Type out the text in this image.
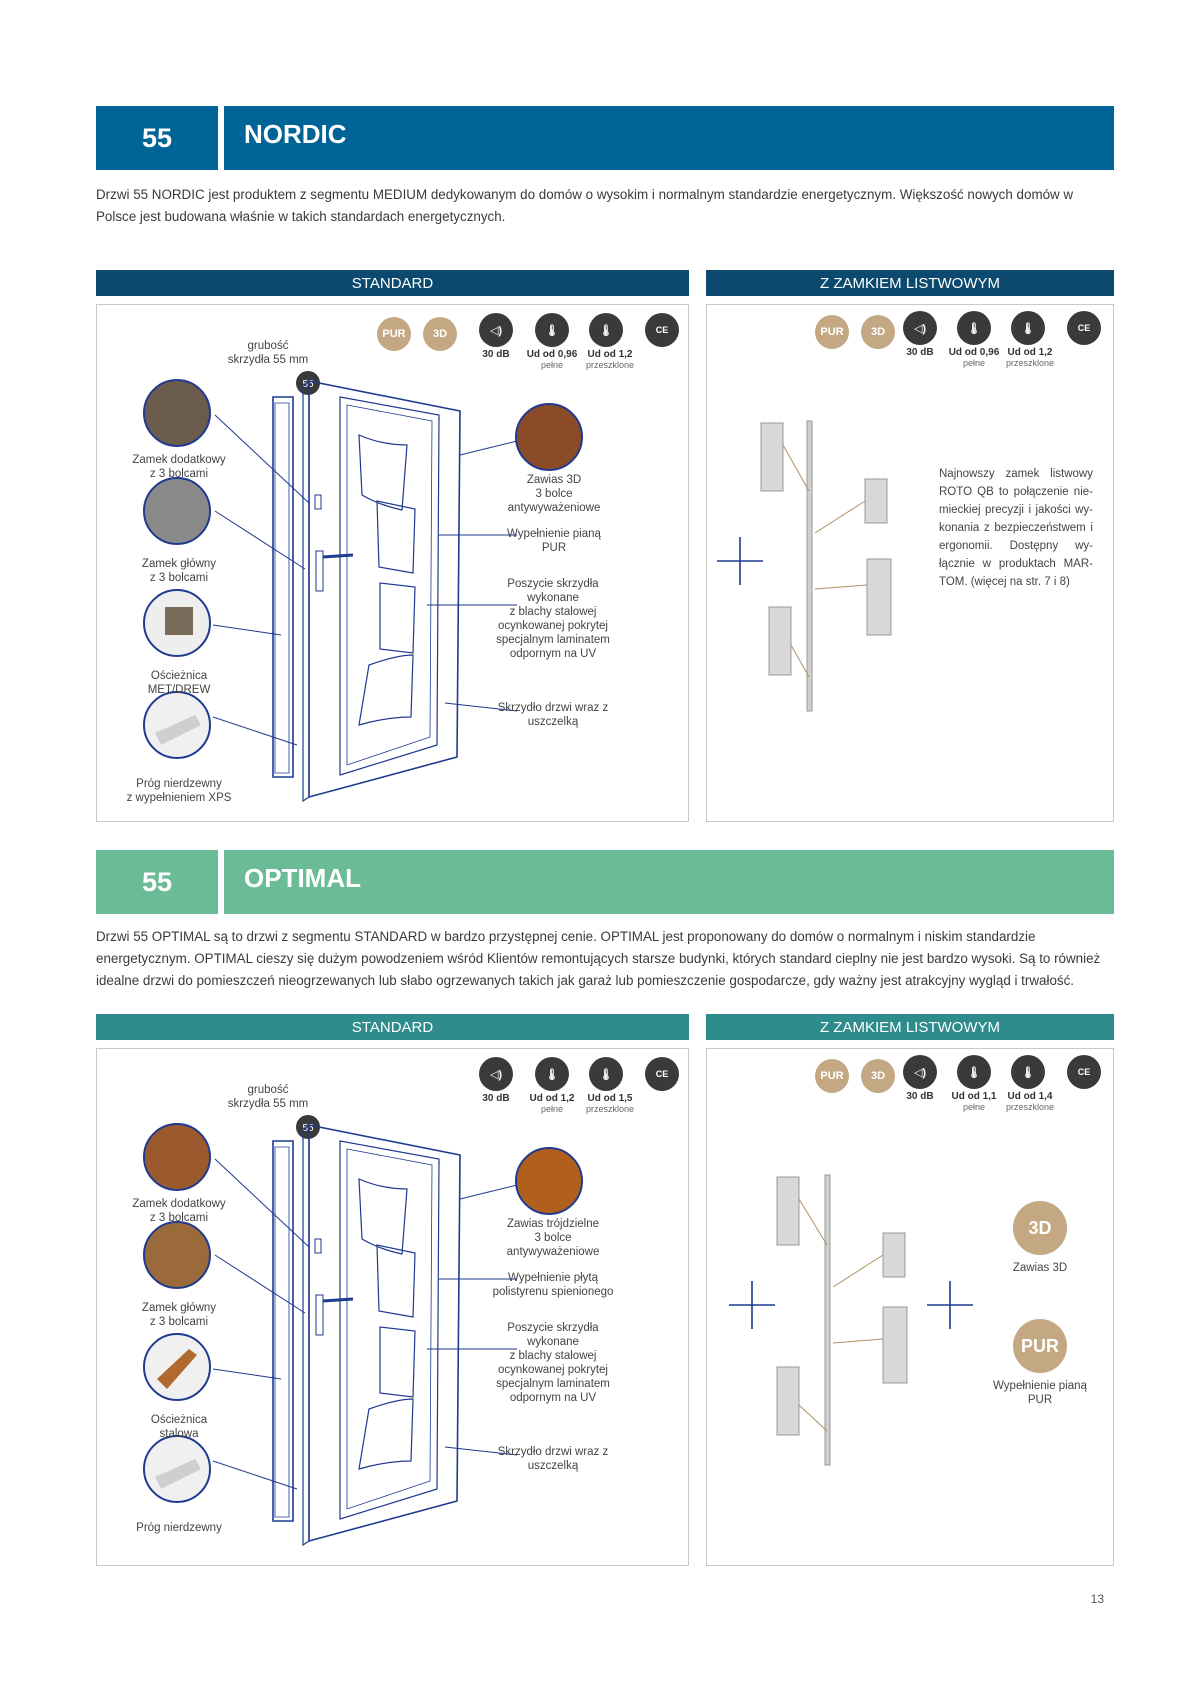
55	NORDIC
Drzwi 55 NORDIC jest produktem z segmentu MEDIUM dedykowanym do domów o wysokim i normalnym standardzie energetycznym. Większość nowych domów w Polsce jest budowana właśnie w takich standardach energetycznych.
STANDARD	Z ZAMKIEM LISTWOWYM
PUR	3D	◁)	🌡	🌡	CE
30 dB	Ud od 0,96
pełne
Ud od 1,2
przeszklone
grubość
skrzydła 55 mm
55
Zamek dodatkowy
z 3 bolcami
Zamek główny
z 3 bolcami
Ościeżnica
MET/DREW
Próg nierdzewny
z wypełnieniem XPS
Zawias 3D
3 bolce
antywyważeniowe
Wypełnienie pianą
PUR
Poszycie skrzydła
wykonane
z blachy stalowej
ocynkowanej pokrytej
specjalnym laminatem
odpornym na UV
Skrzydło drzwi wraz z
uszczelką
PUR	3D	◁)	🌡	🌡	CE
30 dB	Ud od 0,96
pełne
Ud od 1,2
przeszklone
Najnowszy zamek listwowy ROTO QB to połączenie nie-mieckiej precyzji i jakości wy-konania z bezpieczeństwem i ergonomii. Dostępny wy-łącznie w produktach MAR-TOM. (więcej na str. 7 i 8)
55	OPTIMAL
Drzwi 55 OPTIMAL są to drzwi z segmentu STANDARD w bardzo przystępnej cenie. OPTIMAL jest proponowany do domów o normalnym i niskim standardzie energetycznym. OPTIMAL cieszy się dużym powodzeniem wśród Klientów remontujących starsze budynki, których standard cieplny nie jest bardzo wysoki. Są to również idealne drzwi do pomieszczeń nieogrzewanych lub słabo ogrzewanych takich jak garaż lub pomieszczenie gospodarcze, gdy ważny jest atrakcyjny wygląd i trwałość.
STANDARD	Z ZAMKIEM LISTWOWYM
◁)	🌡	🌡	CE
30 dB	Ud od 1,2
pełne
Ud od 1,5
przeszklone
grubość
skrzydła 55 mm
55
Zamek dodatkowy
z 3 bolcami
Zamek główny
z 3 bolcami
Ościeżnica
stalowa
Próg nierdzewny
Zawias trójdzielne
3 bolce
antywyważeniowe
Wypełnienie płytą
polistyrenu spienionego
Poszycie skrzydła
wykonane
z blachy stalowej
ocynkowanej pokrytej
specjalnym laminatem
odpornym na UV
Skrzydło drzwi wraz z
uszczelką
PUR	3D	◁)	🌡	🌡	CE
30 dB	Ud od 1,1
pełne
Ud od 1,4
przeszklone
3D
Zawias 3D
PUR
Wypełnienie pianą
PUR
13
